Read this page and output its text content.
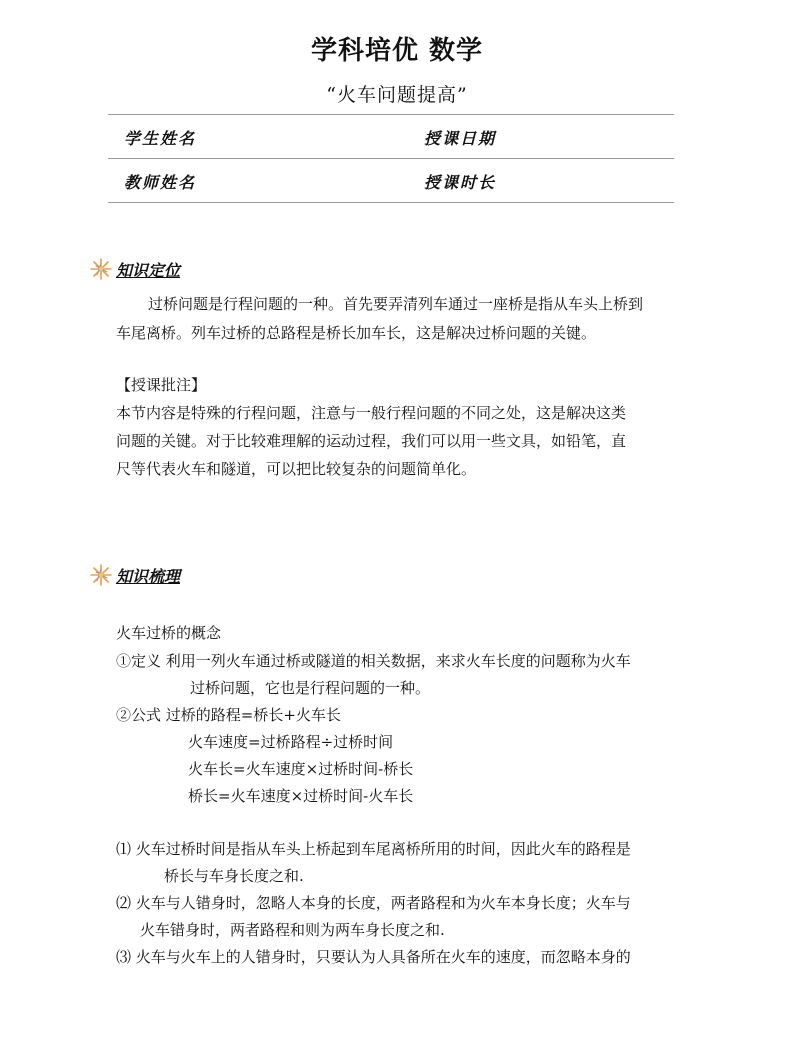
学科培优 数学
“火车问题提高”
学生姓名	授课日期
教师姓名	授课时长
知识定位
过桥问题是行程问题的一种。首先要弄清列车通过一座桥是指从车头上桥到
车尾离桥。列车过桥的总路程是桥长加车长，这是解决过桥问题的关键。
【授课批注】
本节内容是特殊的行程问题，注意与一般行程问题的不同之处，这是解决这类
问题的关键。对于比较难理解的运动过程，我们可以用一些文具，如铅笔，直
尺等代表火车和隧道，可以把比较复杂的问题简单化。
知识梳理
火车过桥的概念
①定义 利用一列火车通过桥或隧道的相关数据，来求火车长度的问题称为火车
过桥问题，它也是行程问题的一种。
②公式 过桥的路程=桥长+火车长
火车速度=过桥路程÷过桥时间
火车长=火车速度×过桥时间-桥长
桥长=火车速度×过桥时间-火车长
⑴ 火车过桥时间是指从车头上桥起到车尾离桥所用的时间，因此火车的路程是
桥长与车身长度之和.
⑵ 火车与人错身时，忽略人本身的长度，两者路程和为火车本身长度；火车与
火车错身时，两者路程和则为两车身长度之和.
⑶ 火车与火车上的人错身时，只要认为人具备所在火车的速度，而忽略本身的
